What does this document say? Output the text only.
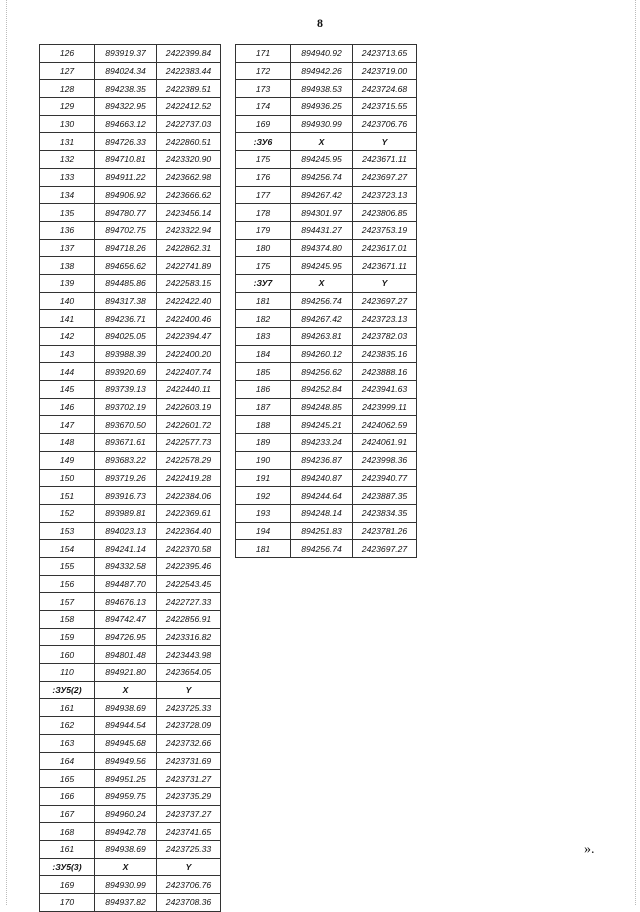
8
126	893919.37	2422399.84
127	894024.34	2422383.44
128	894238.35	2422389.51
129	894322.95	2422412.52
130	894663.12	2422737.03
131	894726.33	2422860.51
132	894710.81	2423320.90
133	894911.22	2423662.98
134	894906.92	2423666.62
135	894780.77	2423456.14
136	894702.75	2423322.94
137	894718.26	2422862.31
138	894656.62	2422741.89
139	894485.86	2422583.15
140	894317.38	2422422.40
141	894236.71	2422400.46
142	894025.05	2422394.47
143	893988.39	2422400.20
144	893920.69	2422407.74
145	893739.13	2422440.11
146	893702.19	2422603.19
147	893670.50	2422601.72
148	893671.61	2422577.73
149	893683.22	2422578.29
150	893719.26	2422419.28
151	893916.73	2422384.06
152	893989.81	2422369.61
153	894023.13	2422364.40
154	894241.14	2422370.58
155	894332.58	2422395.46
156	894487.70	2422543.45
157	894676.13	2422727.33
158	894742.47	2422856.91
159	894726.95	2423316.82
160	894801.48	2423443.98
110	894921.80	2423654.05
:ЗУ5(2)	X	Y
161	894938.69	2423725.33
162	894944.54	2423728.09
163	894945.68	2423732.66
164	894949.56	2423731.69
165	894951.25	2423731.27
166	894959.75	2423735.29
167	894960.24	2423737.27
168	894942.78	2423741.65
161	894938.69	2423725.33
:ЗУ5(3)	X	Y
169	894930.99	2423706.76
170	894937.82	2423708.36
171	894940.92	2423713.65
172	894942.26	2423719.00
173	894938.53	2423724.68
174	894936.25	2423715.55
169	894930.99	2423706.76
:ЗУ6	X	Y
175	894245.95	2423671.11
176	894256.74	2423697.27
177	894267.42	2423723.13
178	894301.97	2423806.85
179	894431.27	2423753.19
180	894374.80	2423617.01
175	894245.95	2423671.11
:ЗУ7	X	Y
181	894256.74	2423697.27
182	894267.42	2423723.13
183	894263.81	2423782.03
184	894260.12	2423835.16
185	894256.62	2423888.16
186	894252.84	2423941.63
187	894248.85	2423999.11
188	894245.21	2424062.59
189	894233.24	2424061.91
190	894236.87	2423998.36
191	894240.87	2423940.77
192	894244.64	2423887.35
193	894248.14	2423834.35
194	894251.83	2423781.26
181	894256.74	2423697.27
».
